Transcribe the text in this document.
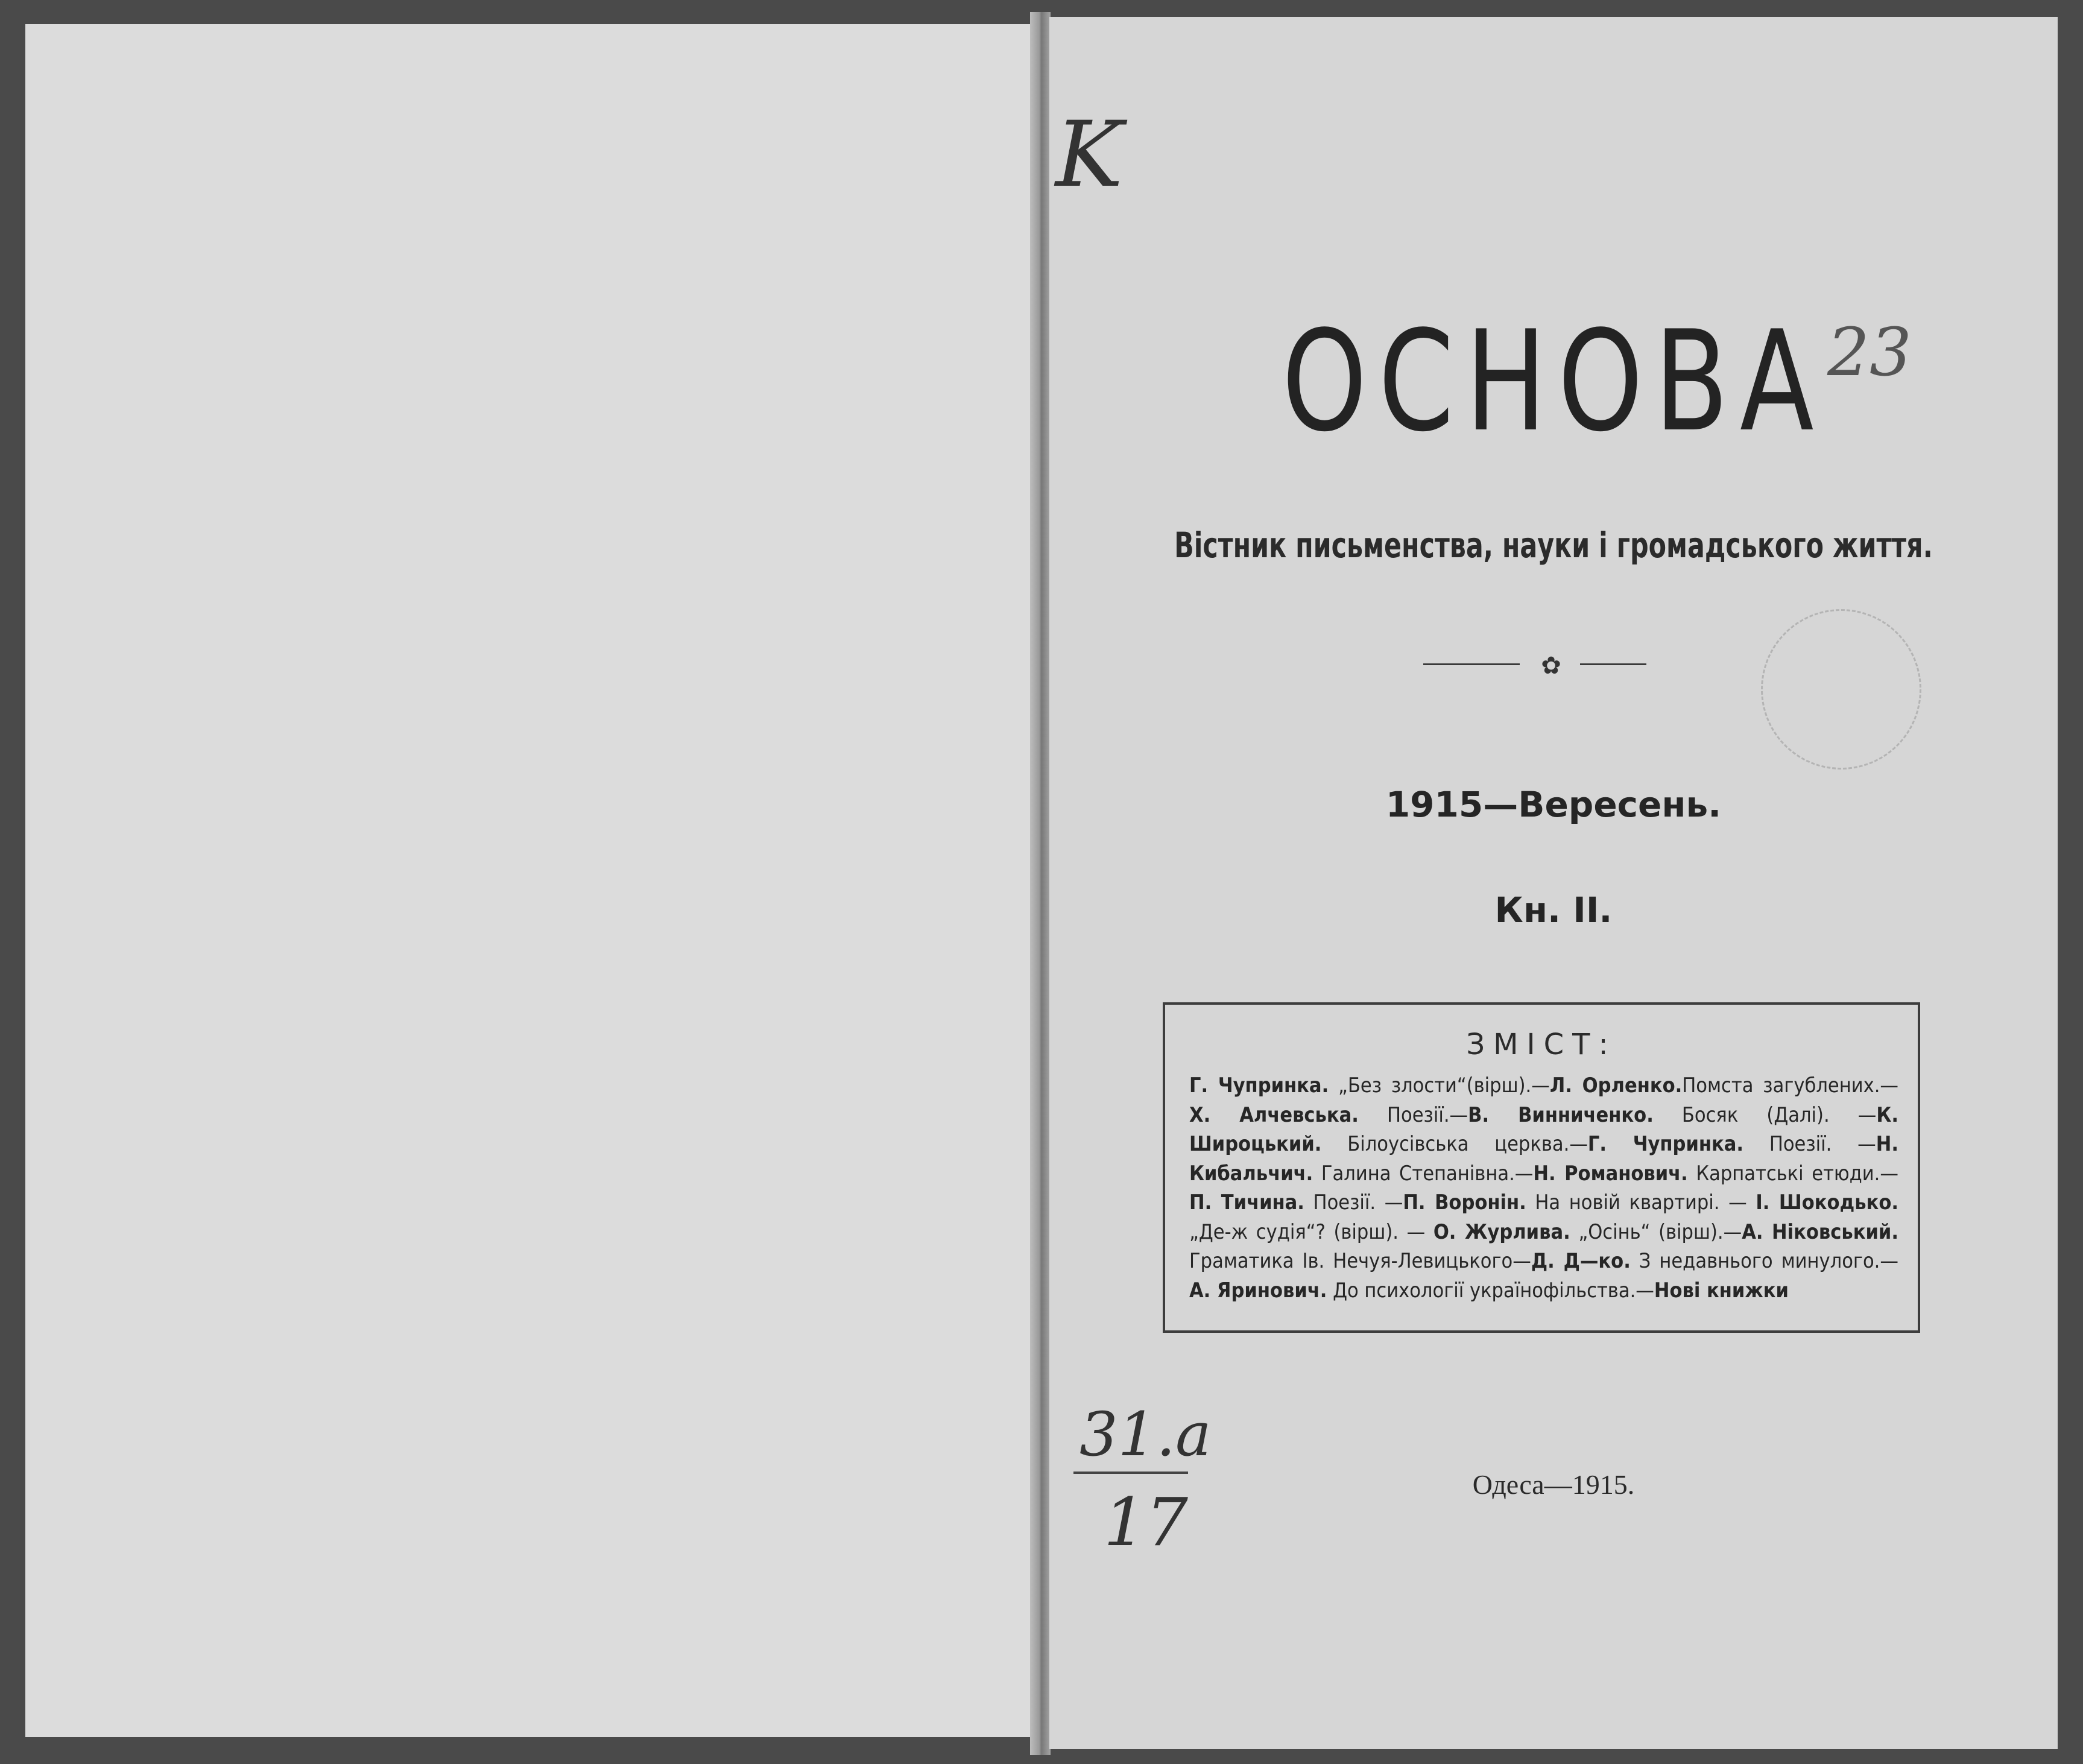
K
23
ОСНОВА
Вістник письменства, науки і громадського життя.
✿
1915—Вересень.
Кн. II.
ЗМІСТ:
Г. Чупринка. „Без злости“(вірш).—Л. Орленко.Помста загублених.—Х. Алчевська. Поезії.—В. Винниченко. Босяк (Далі). —К. Широцький. Білоусівська церква.—Г. Чупринка. Поезії. —Н. Кибальчич. Галина Степанівна.—Н. Романович. Карпатські етюди.—П. Тичина. Поезії. —П. Воронін. На новій квартирі. — І. Шокодько. „Де-ж судія“? (вірш). — О. Журлива. „Осінь“ (вірш).—А. Ніковський. Граматика Ів. Нечуя-Левицького—Д. Д—ко. З недавнього минулого.—А. Яринович. До психології українофільства.—Нові книжки
31.a
17	Одеса—1915.
